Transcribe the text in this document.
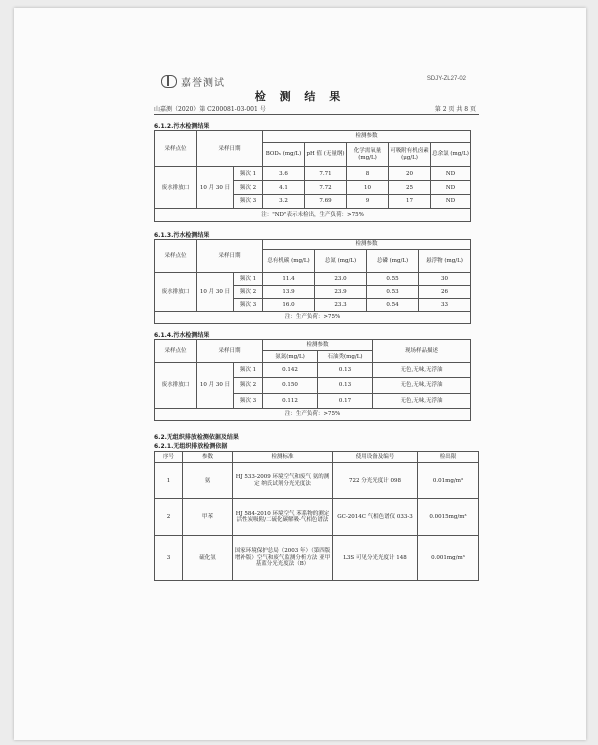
嘉誉测试	SDJY-ZL27-02
检 测 结 果
山嘉测（2020）第 C200081-03-001 号	第 2 页 共 8 页
6.1.2.污水检测结果
采样点位	采样日期		检测参数				
			BOD₅ (mg/L)	pH 值 (无量纲)	化学需氧量 (mg/L)	可吸附有机卤素(μg/L)	总余氯 (mg/L)
废水排放口	10 月 30 日	频次 1	3.6	7.71	8	20	ND
		频次 2	4.1	7.72	10	25	ND
		频次 3	3.2	7.69	9	17	ND
注："ND"表示未检出，生产负荷：>75%							
6.1.3.污水检测结果
采样点位	采样日期		检测参数			
			总有机碳 (mg/L)	总氮 (mg/L)	总磷 (mg/L)	悬浮物 (mg/L)
废水排放口	10 月 30 日	频次 1	11.4	23.0	0.55	30
		频次 2	13.9	23.9	0.53	26
		频次 3	16.0	23.3	0.54	33
注：生产负荷：>75%						
6.1.4.污水检测结果
采样点位	采样日期		检测参数		现场样品描述
			氨氮(mg/L)	石油类(mg/L)	
废水排放口	10 月 30 日	频次 1	0.142	0.13	无色,无味,无浮油
		频次 2	0.150	0.13	无色,无味,无浮油
		频次 3	0.112	0.17	无色,无味,无浮油
注：生产负荷：>75%					
6.2.无组织排放检测依据及结果
6.2.1.无组织排放检测依据
序号	参数	检测标准	使用设备及编号	检出限
1	氨	HJ 533-2009 环境空气和废气 氨的测定 纳氏试剂分光光度法	722 分光光度计 098	0.01mg/m³
2	甲苯	HJ 584-2010 环境空气 苯系物的测定 活性炭吸附/二硫化碳解吸-气相色谱法	GC-2014C 气相色谱仪 033-3	0.0015mg/m³
3	硫化氢	国家环境保护总局（2003 年）（第四版增补版）空气和废气监测分析方法 亚甲基蓝分光光度法（B）	L3S 可见分光光度计 148	0.001mg/m³
